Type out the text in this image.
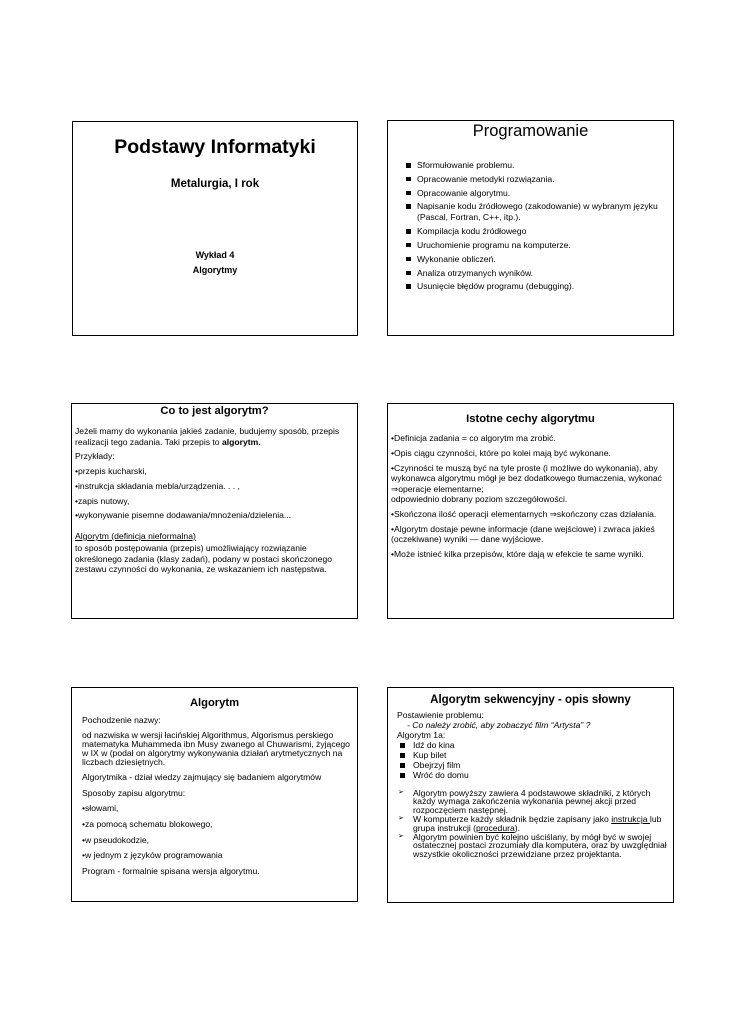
Podstawy Informatyki
Metalurgia, I rok
Wykład 4
Algorytmy
Programowanie
Sformułowanie problemu.
Opracowanie metodyki rozwiązania.
Opracowanie algorytmu.
Napisanie kodu źródłowego (zakodowanie) w wybranym języku (Pascal, Fortran, C++, itp.).
Kompilacja kodu źródłowego
Uruchomienie programu na komputerze.
Wykonanie obliczeń.
Analiza otrzymanych wyników.
Usunięcie błędów programu (debugging).
Co to jest algorytm?

Jeżeli mamy do wykonania jakieś zadanie, budujemy sposób, przepis realizacji tego zadania. Taki przepis to algorytm.

Przykłady:

•przepis kucharski,

•instrukcja składania mebla/urządzenia. . . ,

•zapis nutowy,

•wykonywanie pisemne dodawania/mnożenia/dzielenia...

Algorytm (definicja nieformalna)

to sposób postępowania (przepis) umożliwiający rozwiązanie określonego zadania (klasy zadań), podany w postaci skończonego zestawu czynności do wykonania, ze wskazaniem ich następstwa.

Istotne cechy algorytmu

•Definicja zadania = co algorytm ma zrobić.

•Opis ciągu czynności, które po kolei mają być wykonane.

•Czynności te muszą być na tyle proste (i możliwe do wykonania), aby wykonawca algorytmu mógł je bez dodatkowego tłumaczenia, wykonać ⇒operacje elementarne;

odpowiednio dobrany poziom szczegółowości.

•Skończona ilość operacji elementarnych ⇒skończony czas działania.

•Algorytm dostaje pewne informacje (dane wejściowe) i zwraca jakieś (oczekiwane) wyniki — dane wyjściowe.

•Może istnieć kilka przepisów, które dają w efekcie te same wyniki.

Algorytm

Pochodzenie nazwy:

od nazwiska w wersji łacińskiej Algorithmus, Algorismus perskiego matematyka Muhammeda ibn Musy zwanego al Chuwarismi, żyjącego w IX w (podał on algorytmy wykonywania działań arytmetycznych na liczbach dziesiętnych.

Algorytmika - dział wiedzy zajmujący się badaniem algorytmów

Sposoby zapisu algorytmu:

•słowami,

•za pomocą schematu blokowego,

•w pseudokodzie,

•w jednym z języków programowania

Program - formalnie spisana wersja algorytmu.

Algorytm sekwencyjny - opis słowny
Postawienie problemu:
- Co należy zrobić, aby zobaczyć film “Artysta” ?
Algorytm 1a:
Idź do kina
Kup bilet
Obejrzyj film
Wróć do domu
➢ Algorytm powyższy zawiera 4 podstawowe składniki, z których każdy wymaga zakończenia wykonania pewnej akcji przed rozpoczęciem następnej.
➢ W komputerze każdy składnik będzie zapisany jako instrukcja lub grupa instrukcji (procedura).
➢ Algorytm powinien być kolejno uściślany, by mógł być w swojej ostatecznej postaci zrozumiały dla komputera, oraz by uwzględniał wszystkie okoliczności przewidziane przez projektanta.
